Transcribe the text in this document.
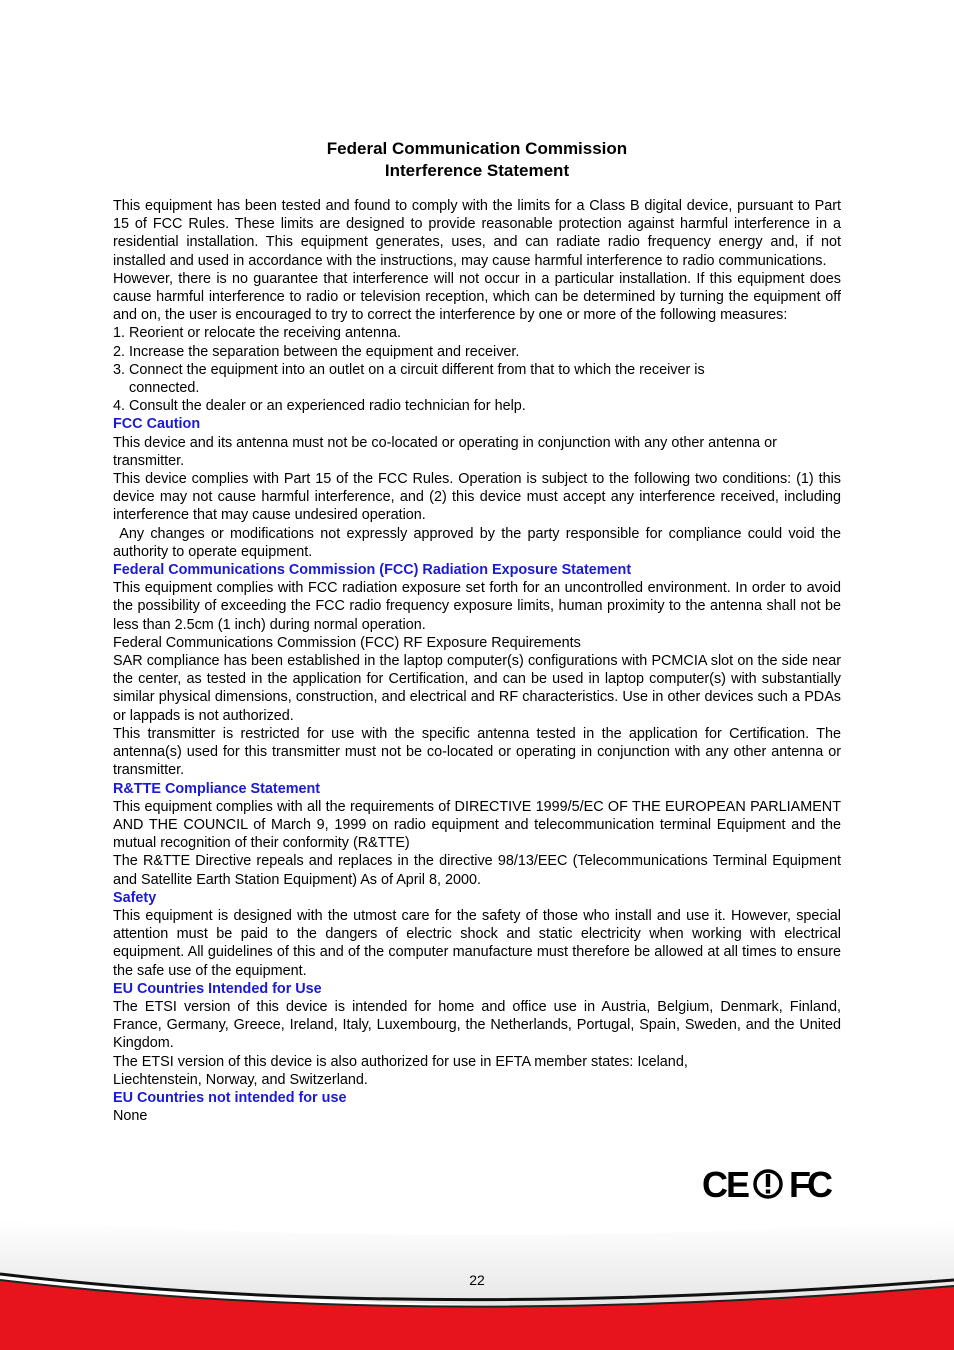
Federal Communication Commission
Interference Statement

This equipment has been tested and found to comply with the limits for a Class B digital device, pursuant to Part 15 of FCC Rules. These limits are designed to provide reasonable protection against harmful interference in a residential installation. This equipment generates, uses, and can radiate radio frequency energy and, if not installed and used in accordance with the instructions, may cause harmful interference to radio communications.

However, there is no guarantee that interference will not occur in a particular installation. If this equipment does cause harmful interference to radio or television reception, which can be determined by turning the equipment off and on, the user is encouraged to try to correct the interference by one or more of the following measures:

1. Reorient or relocate the receiving antenna.

2. Increase the separation between the equipment and receiver.

3. Connect the equipment into an outlet on a circuit different from that to which the receiver is

connected.

4. Consult the dealer or an experienced radio technician for help.

FCC Caution

This device and its antenna must not be co-located or operating in conjunction with any other antenna or transmitter.

This device complies with Part 15 of the FCC Rules. Operation is subject to the following two conditions: (1) this device may not cause harmful interference, and (2) this device must accept any interference received, including interference that may cause undesired operation.

Any changes or modifications not expressly approved by the party responsible for compliance could void the authority to operate equipment.

Federal Communications Commission (FCC) Radiation Exposure Statement

This equipment complies with FCC radiation exposure set forth for an uncontrolled environment. In order to avoid the possibility of exceeding the FCC radio frequency exposure limits, human proximity to the antenna shall not be less than 2.5cm (1 inch) during normal operation.

Federal Communications Commission (FCC) RF Exposure Requirements

SAR compliance has been established in the laptop computer(s) configurations with PCMCIA slot on the side near the center, as tested in the application for Certification, and can be used in laptop computer(s) with substantially similar physical dimensions, construction, and electrical and RF characteristics. Use in other devices such a PDAs or lappads is not authorized.

This transmitter is restricted for use with the specific antenna tested in the application for Certification. The antenna(s) used for this transmitter must not be co-located or operating in conjunction with any other antenna or transmitter.

R&TTE Compliance Statement

This equipment complies with all the requirements of DIRECTIVE 1999/5/EC OF THE EUROPEAN PARLIAMENT AND THE COUNCIL of March 9, 1999 on radio equipment and telecommunication terminal Equipment and the mutual recognition of their conformity (R&TTE)

The R&TTE Directive repeals and replaces in the directive 98/13/EEC (Telecommunications Terminal Equipment and Satellite Earth Station Equipment) As of April 8, 2000.

Safety

This equipment is designed with the utmost care for the safety of those who install and use it. However, special attention must be paid to the dangers of electric shock and static electricity when working with electrical equipment. All guidelines of this and of the computer manufacture must therefore be allowed at all times to ensure the safe use of the equipment.

EU Countries Intended for Use

The ETSI version of this device is intended for home and office use in Austria, Belgium, Denmark, Finland, France, Germany, Greece, Ireland, Italy, Luxembourg, the Netherlands, Portugal, Spain, Sweden, and the United Kingdom.

The ETSI version of this device is also authorized for use in EFTA member states: Iceland,

Liechtenstein, Norway, and Switzerland.

EU Countries not intended for use

None

CE FC
22
